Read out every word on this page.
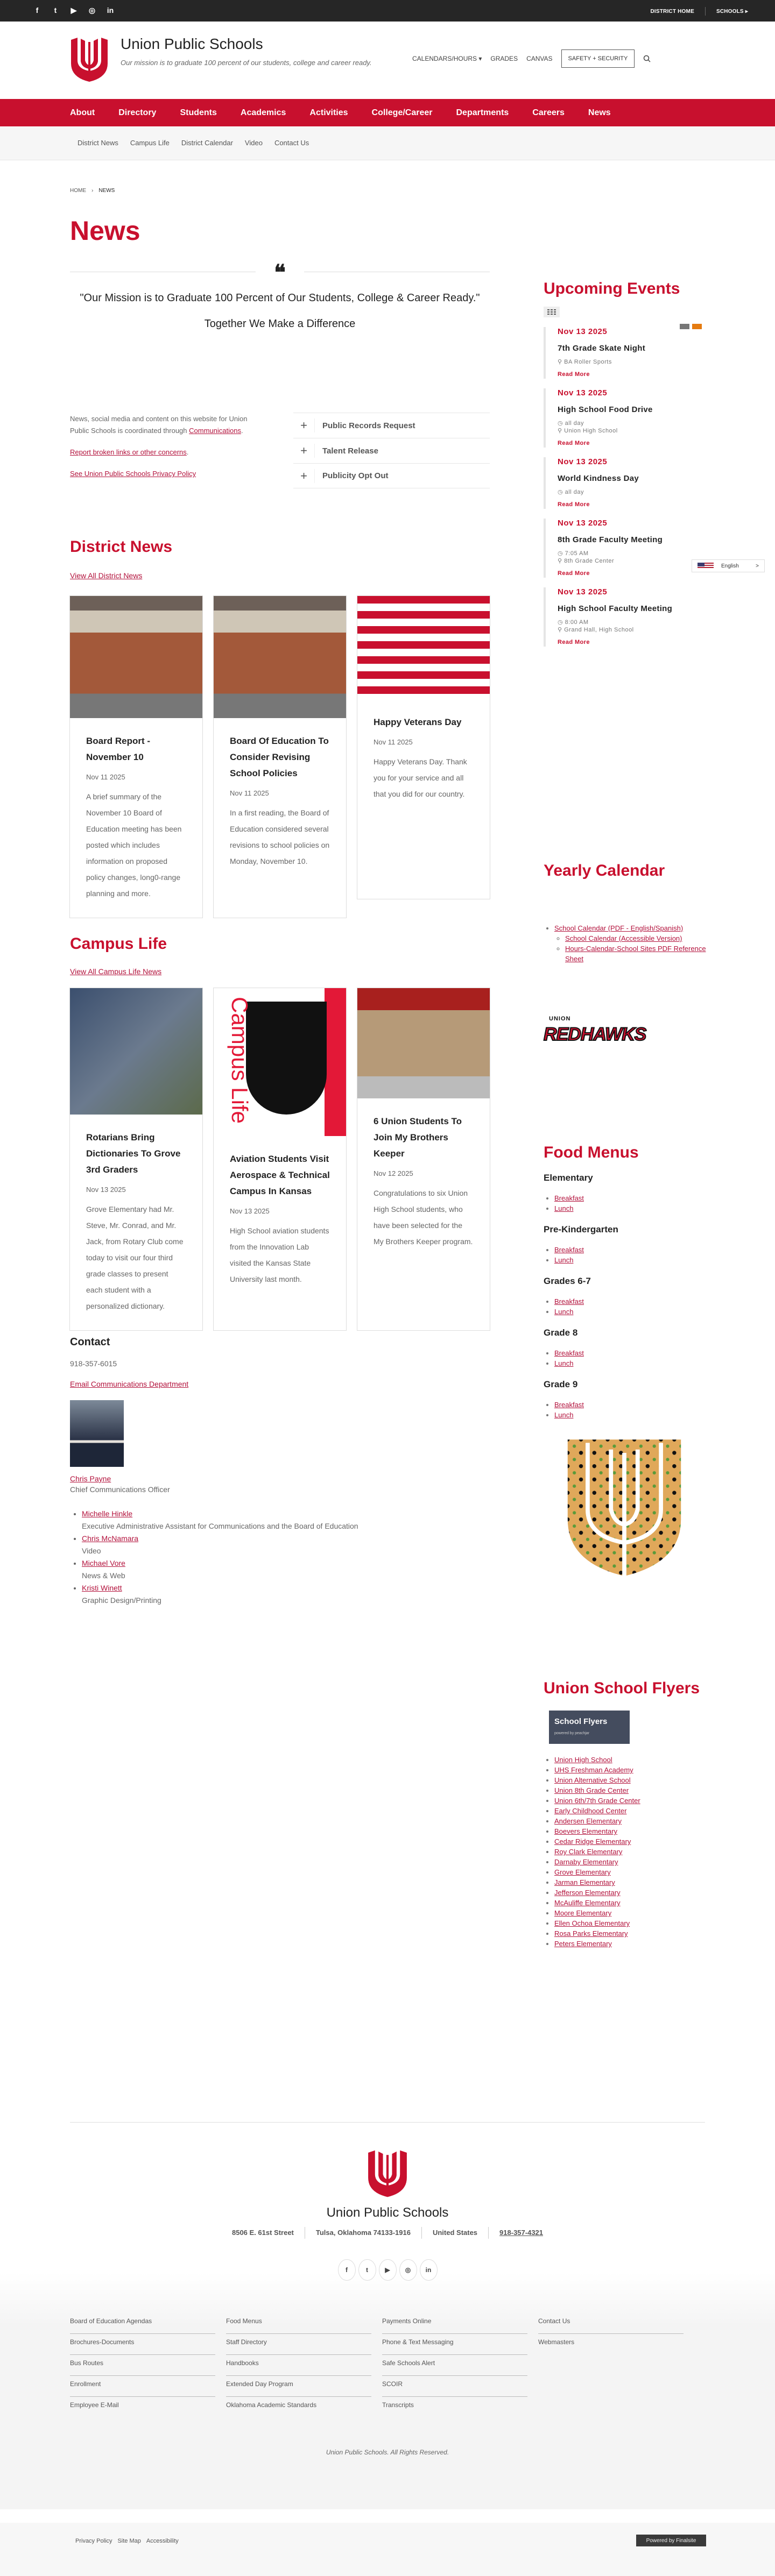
f	t	▶ ◎ in	DISTRICT HOME	SCHOOLS ▸
Union Public Schools
Our mission is to graduate 100 percent of our students, college and career ready.	CALENDARS/HOURS ▾ GRADES CANVAS	SAFETY + SECURITY
About	Directory	Students	Academics	Activities	College/Career	Departments	Careers	News
District News Campus Life District Calendar Video Contact Us
HOME › NEWS
News
❝
"Our Mission is to Graduate 100 Percent of Our Students, College & Career Ready."
Together We Make a Difference

News, social media and content on this website for Union Public Schools is coordinated through Communications.

Report broken links or other concerns.

See Union Public Schools Privacy Policy

+	Public Records Request
+	Talent Release
+	Publicity Opt Out
District News
View All District News
Board Report - November 10
Nov 11 2025

A brief summary of the November 10 Board of Education meeting has been posted which includes information on proposed policy changes, long0-range planning and more.

Board Of Education To Consider Revising School Policies
Nov 11 2025

In a first reading, the Board of Education considered several revisions to school policies on Monday, November 10.

Happy Veterans Day
Nov 11 2025

Happy Veterans Day. Thank you for your service and all that you did for our country.

Campus Life
View All Campus Life News
Rotarians Bring Dictionaries To Grove 3rd Graders
Nov 13 2025

Grove Elementary had Mr. Steve, Mr. Conrad, and Mr. Jack, from Rotary Club come today to visit our four third grade classes to present each student with a personalized dictionary.

Campus Life
Aviation Students Visit Aerospace & Technical Campus In Kansas
Nov 13 2025

High School aviation students from the Innovation Lab visited the Kansas State University last month.

6 Union Students To Join My Brothers Keeper
Nov 12 2025

Congratulations to six Union High School students, who have been selected for the My Brothers Keeper program.

Contact
918-357-6015
Email Communications Department
Chris Payne
Chief Communications Officer
• Michelle Hinkle
Executive Administrative Assistant for Communications and the Board of Education
• Chris McNamara
Video
• Michael Vore
News & Web
• Kristi Winett
Graphic Design/Printing
Upcoming Events
Nov 13 2025
7th Grade Skate Night
⚲ BA Roller Sports
Read More
Nov 13 2025
High School Food Drive
◷ all day
⚲ Union High School
Read More
Nov 13 2025
World Kindness Day
◷ all day
Read More
Nov 13 2025
8th Grade Faculty Meeting
◷ 7:05 AM
⚲ 8th Grade Center
Read More
Nov 13 2025
High School Faculty Meeting
◷ 8:00 AM
⚲ Grand Hall, High School
Read More
Yearly Calendar
• School Calendar (PDF - English/Spanish)
◦ School Calendar (Accessible Version)
◦ Hours-Calendar-School Sites PDF Reference Sheet
UNION
REDHAWKS
Food Menus
Elementary
• Breakfast
• Lunch
Pre-Kindergarten
• Breakfast
• Lunch
Grades 6-7
• Breakfast
• Lunch
Grade 8
• Breakfast
• Lunch
Grade 9
• Breakfast
• Lunch
Union School Flyers
School Flyers
powered by peachjar
• Union High School
• UHS Freshman Academy
• Union Alternative School
• Union 8th Grade Center
• Union 6th/7th Grade Center
• Early Childhood Center
• Andersen Elementary
• Boevers Elementary
• Cedar Ridge Elementary
• Roy Clark Elementary
• Darnaby Elementary
• Grove Elementary
• Jarman Elementary
• Jefferson Elementary
• McAuliffe Elementary
• Moore Elementary
• Ellen Ochoa Elementary
• Rosa Parks Elementary
• Peters Elementary
English	>
Union Public Schools
8506 E. 61st Street	Tulsa, Oklahoma 74133-1916	United States	918-357-4321
f	t	▶	◎	in
Board of Education Agendas
Brochures-Documents
Bus Routes
Enrollment
Employee E-Mail
Food Menus
Staff Directory
Handbooks
Extended Day Program
Oklahoma Academic Standards
Payments Online
Phone & Text Messaging
Safe Schools Alert
SCOIR
Transcripts
Contact Us
Webmasters
Union Public Schools. All Rights Reserved.
Privacy Policy Site Map Accessibility	Powered by Finalsite
